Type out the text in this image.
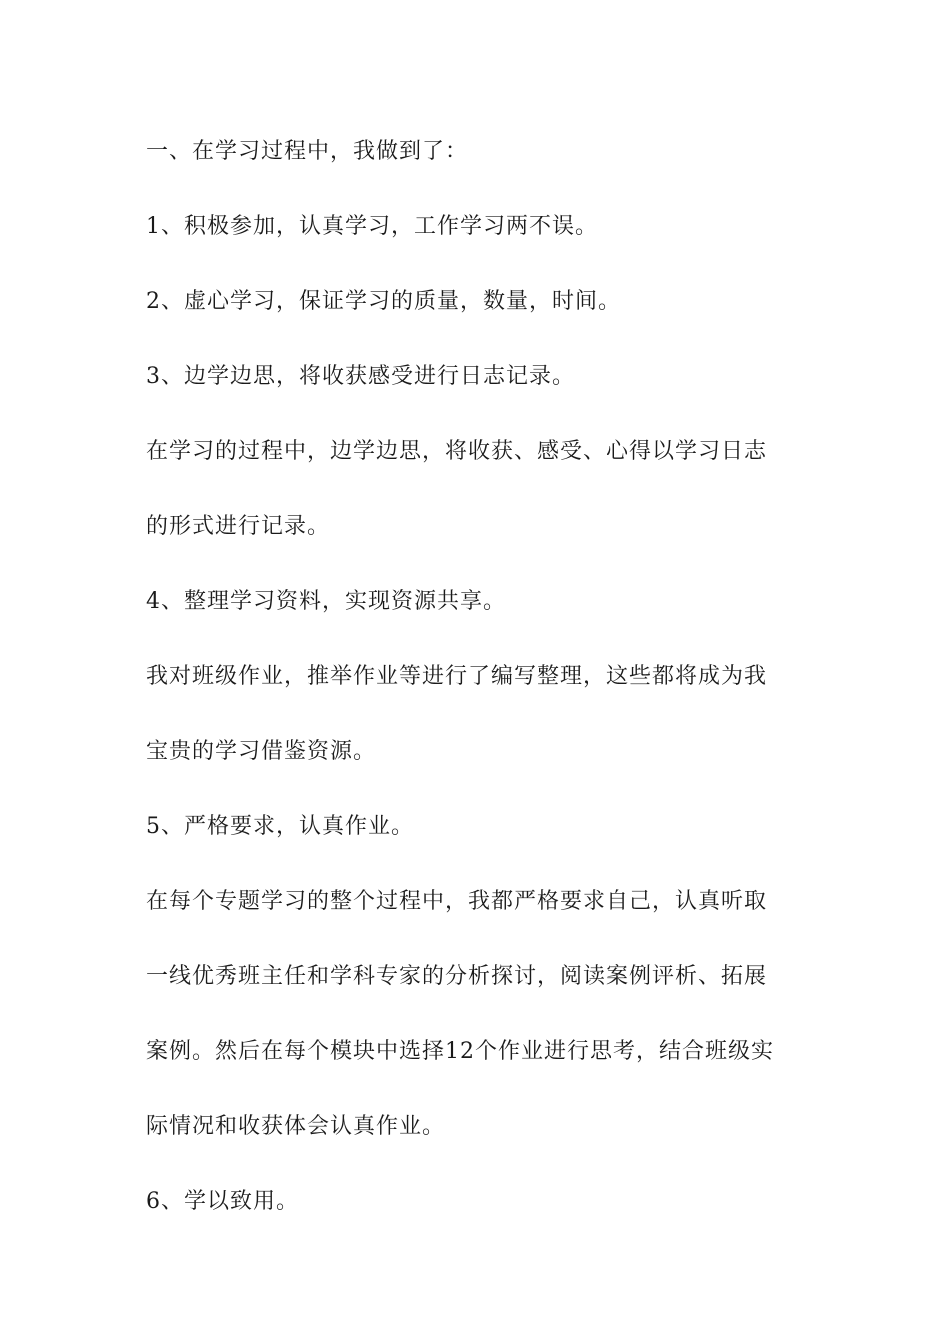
一、在学习过程中，我做到了：
1、积极参加，认真学习，工作学习两不误。
2、虚心学习，保证学习的质量，数量，时间。
3、边学边思，将收获感受进行日志记录。
在学习的过程中，边学边思，将收获、感受、心得以学习日志
的形式进行记录。
4、整理学习资料，实现资源共享。
我对班级作业，推举作业等进行了编写整理，这些都将成为我
宝贵的学习借鉴资源。
5、严格要求，认真作业。
在每个专题学习的整个过程中，我都严格要求自己，认真听取
一线优秀班主任和学科专家的分析探讨，阅读案例评析、拓展
案例。然后在每个模块中选择12个作业进行思考，结合班级实
际情况和收获体会认真作业。
6、学以致用。
